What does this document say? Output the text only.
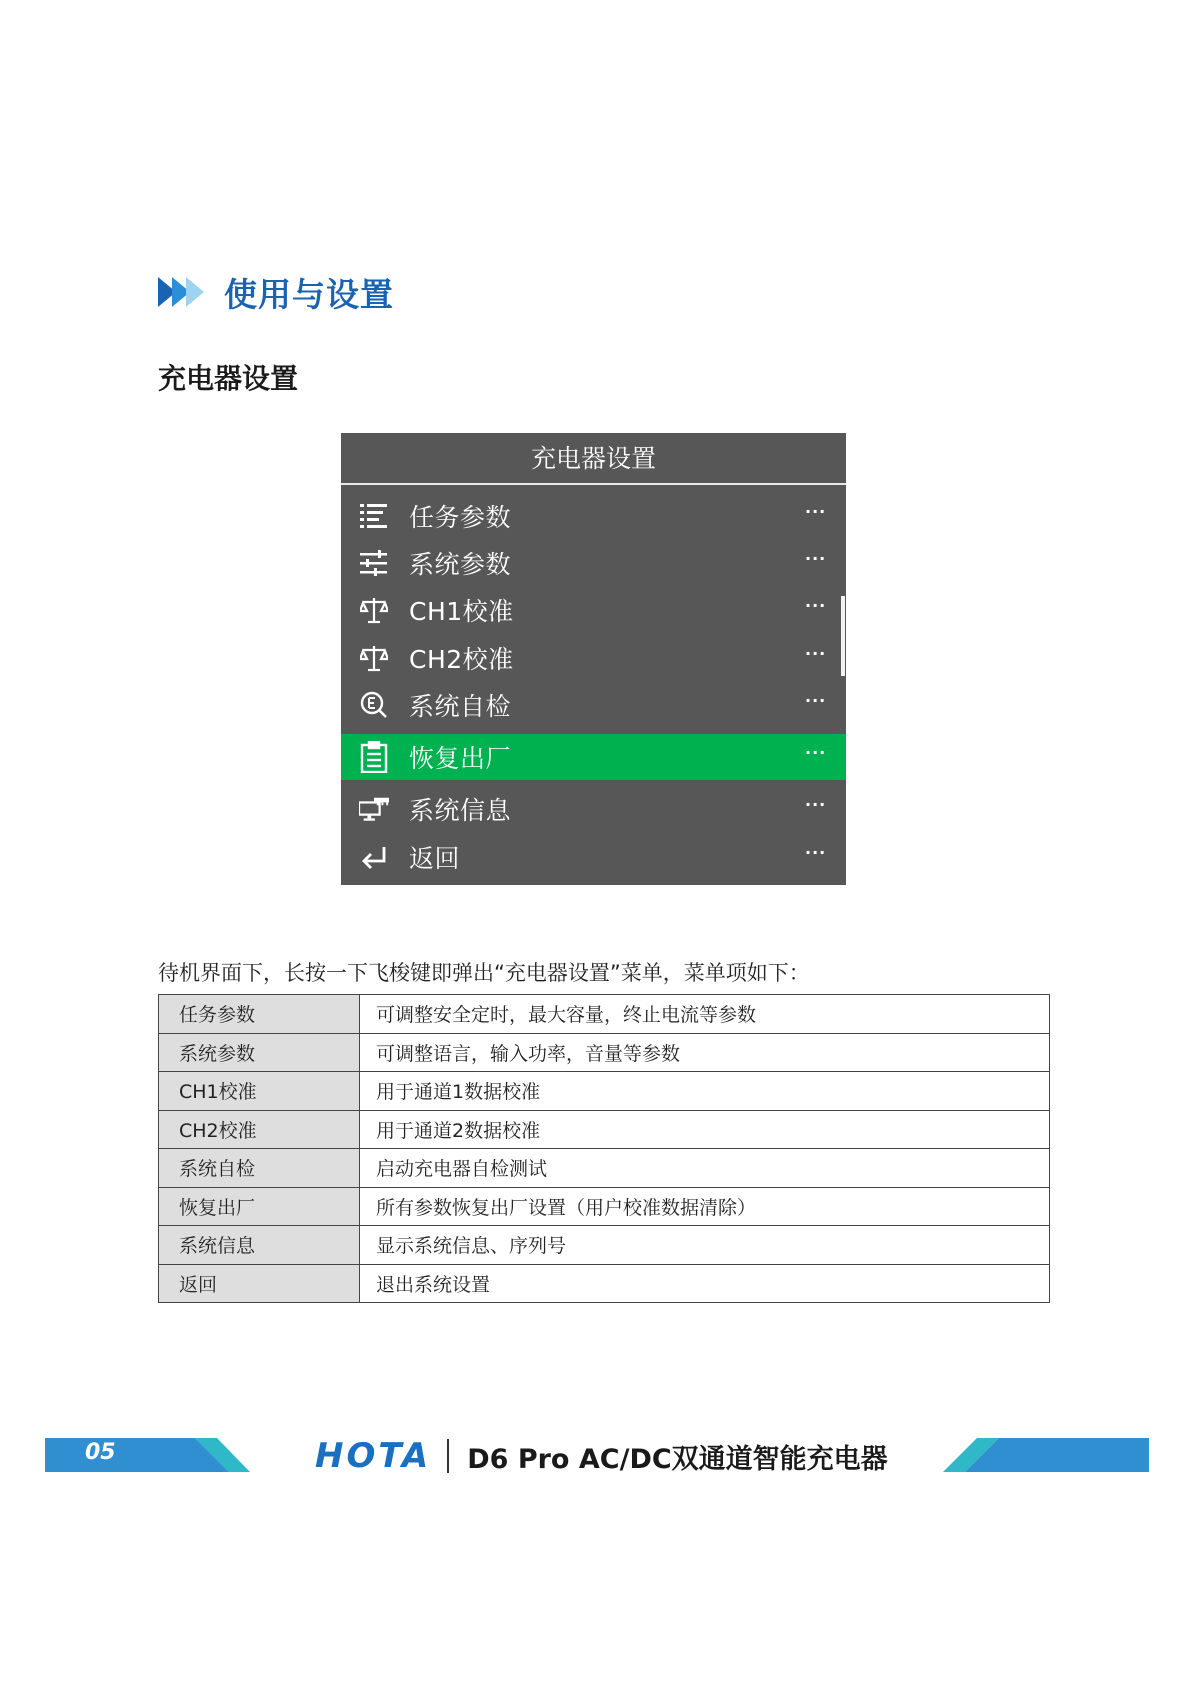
使用与设置
充电器设置
充电器设置
任务参数	···
系统参数	···
CH1校准	···
CH2校准	···
系统自检	···
恢复出厂	···
系统信息	···
返回	···
待机界面下，长按一下飞梭键即弹出“充电器设置”菜单，菜单项如下：
任务参数	可调整安全定时，最大容量，终止电流等参数
系统参数	可调整语言，输入功率，音量等参数
CH1校准	用于通道1数据校准
CH2校准	用于通道2数据校准
系统自检	启动充电器自检测试
恢复出厂	所有参数恢复出厂设置（用户校准数据清除）
系统信息	显示系统信息、序列号
返回	退出系统设置
05	HOTA D6 Pro AC/DC双通道智能充电器
